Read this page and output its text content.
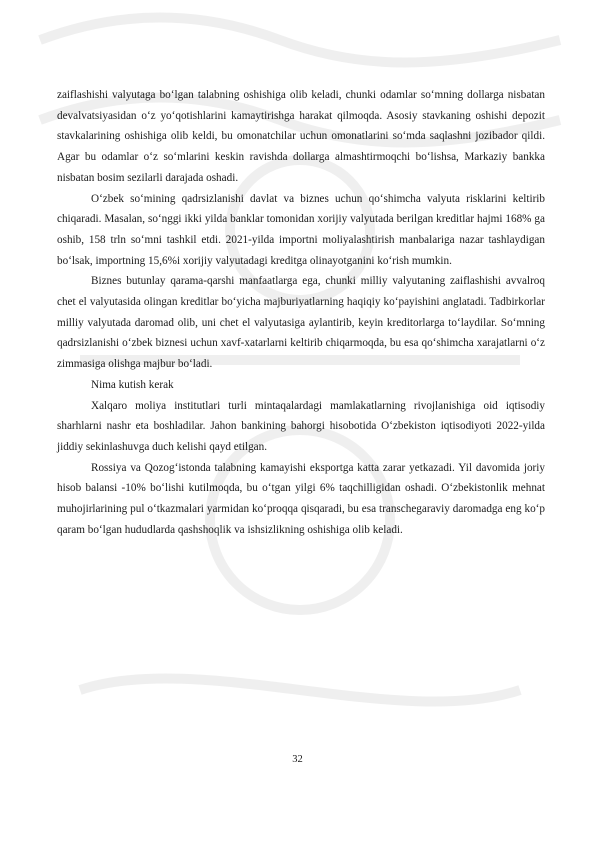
zaiflashishi valyutaga bo‘lgan talabning oshishiga olib keladi, chunki odamlar so‘mning dollarga nisbatan devalvatsiyasidan o‘z yo‘qotishlarini kamaytirishga harakat qilmoqda. Asosiy stavkaning oshishi depozit stavkalarining oshishiga olib keldi, bu omonatchilar uchun omonatlarini so‘mda saqlashni jozibador qildi. Agar bu odamlar o‘z so‘mlarini keskin ravishda dollarga almashtirmoqchi bo‘lishsa, Markaziy bankka nisbatan bosim sezilarli darajada oshadi.

O‘zbek so‘mining qadrsizlanishi davlat va biznes uchun qo‘shimcha valyuta risklarini keltirib chiqaradi. Masalan, so‘nggi ikki yilda banklar tomonidan xorijiy valyutada berilgan kreditlar hajmi 168% ga oshib, 158 trln so‘mni tashkil etdi. 2021-yilda importni moliyalashtirish manbalariga nazar tashlaydigan bo‘lsak, importning 15,6%i xorijiy valyutadagi kreditga olinayotganini ko‘rish mumkin.

Biznes butunlay qarama-qarshi manfaatlarga ega, chunki milliy valyutaning zaiflashishi avvalroq chet el valyutasida olingan kreditlar bo‘yicha majburiyatlarning haqiqiy ko‘payishini anglatadi. Tadbirkorlar milliy valyutada daromad olib, uni chet el valyutasiga aylantirib, keyin kreditorlarga to‘laydilar. So‘mning qadrsizlanishi o‘zbek biznesi uchun xavf-xatarlarni keltirib chiqarmoqda, bu esa qo‘shimcha xarajatlarni o‘z zimmasiga olishga majbur bo‘ladi.

Nima kutish kerak

Xalqaro moliya institutlari turli mintaqalardagi mamlakatlarning rivojlanishiga oid iqtisodiy sharhlarni nashr eta boshladilar. Jahon bankining bahorgi hisobotida O‘zbekiston iqtisodiyoti 2022-yilda jiddiy sekinlashuvga duch kelishi qayd etilgan.

Rossiya va Qozog‘istonda talabning kamayishi eksportga katta zarar yetkazadi. Yil davomida joriy hisob balansi -10% bo‘lishi kutilmoqda, bu o‘tgan yilgi 6% taqchilligidan oshadi. O‘zbekistonlik mehnat muhojirlarining pul o‘tkazmalari yarmidan ko‘proqqa qisqaradi, bu esa transchegaraviy daromadga eng ko‘p qaram bo‘lgan hududlarda qashshoqlik va ishsizlikning oshishiga olib keladi.

32
